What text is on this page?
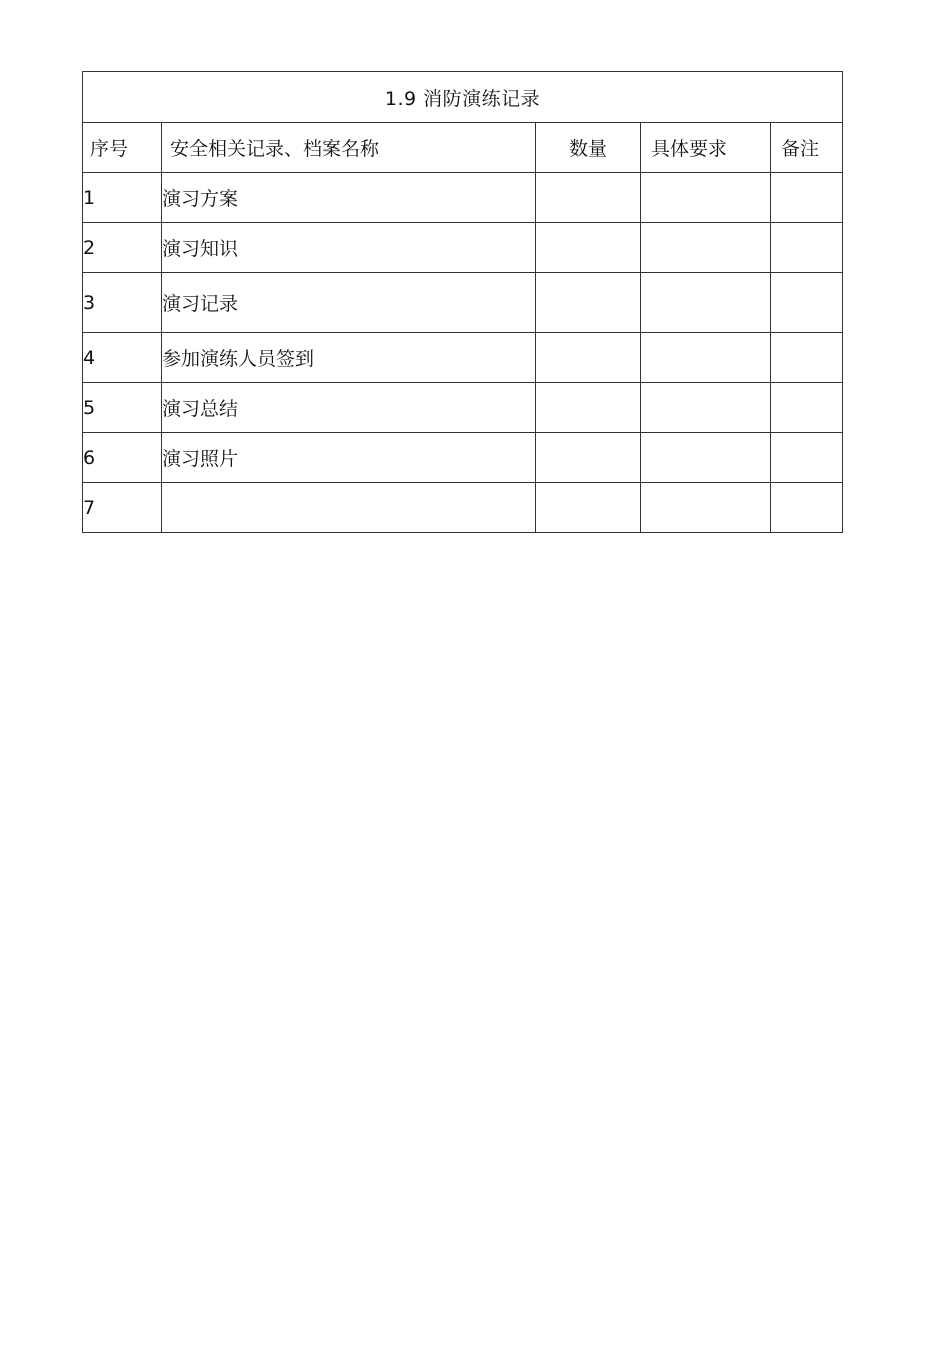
1.9 消防演练记录				
序号	安全相关记录、档案名称	数量	具体要求	备注
1	演习方案			
2	演习知识			
3	演习记录			
4	参加演练人员签到			
5	演习总结			
6	演习照片			
7				
